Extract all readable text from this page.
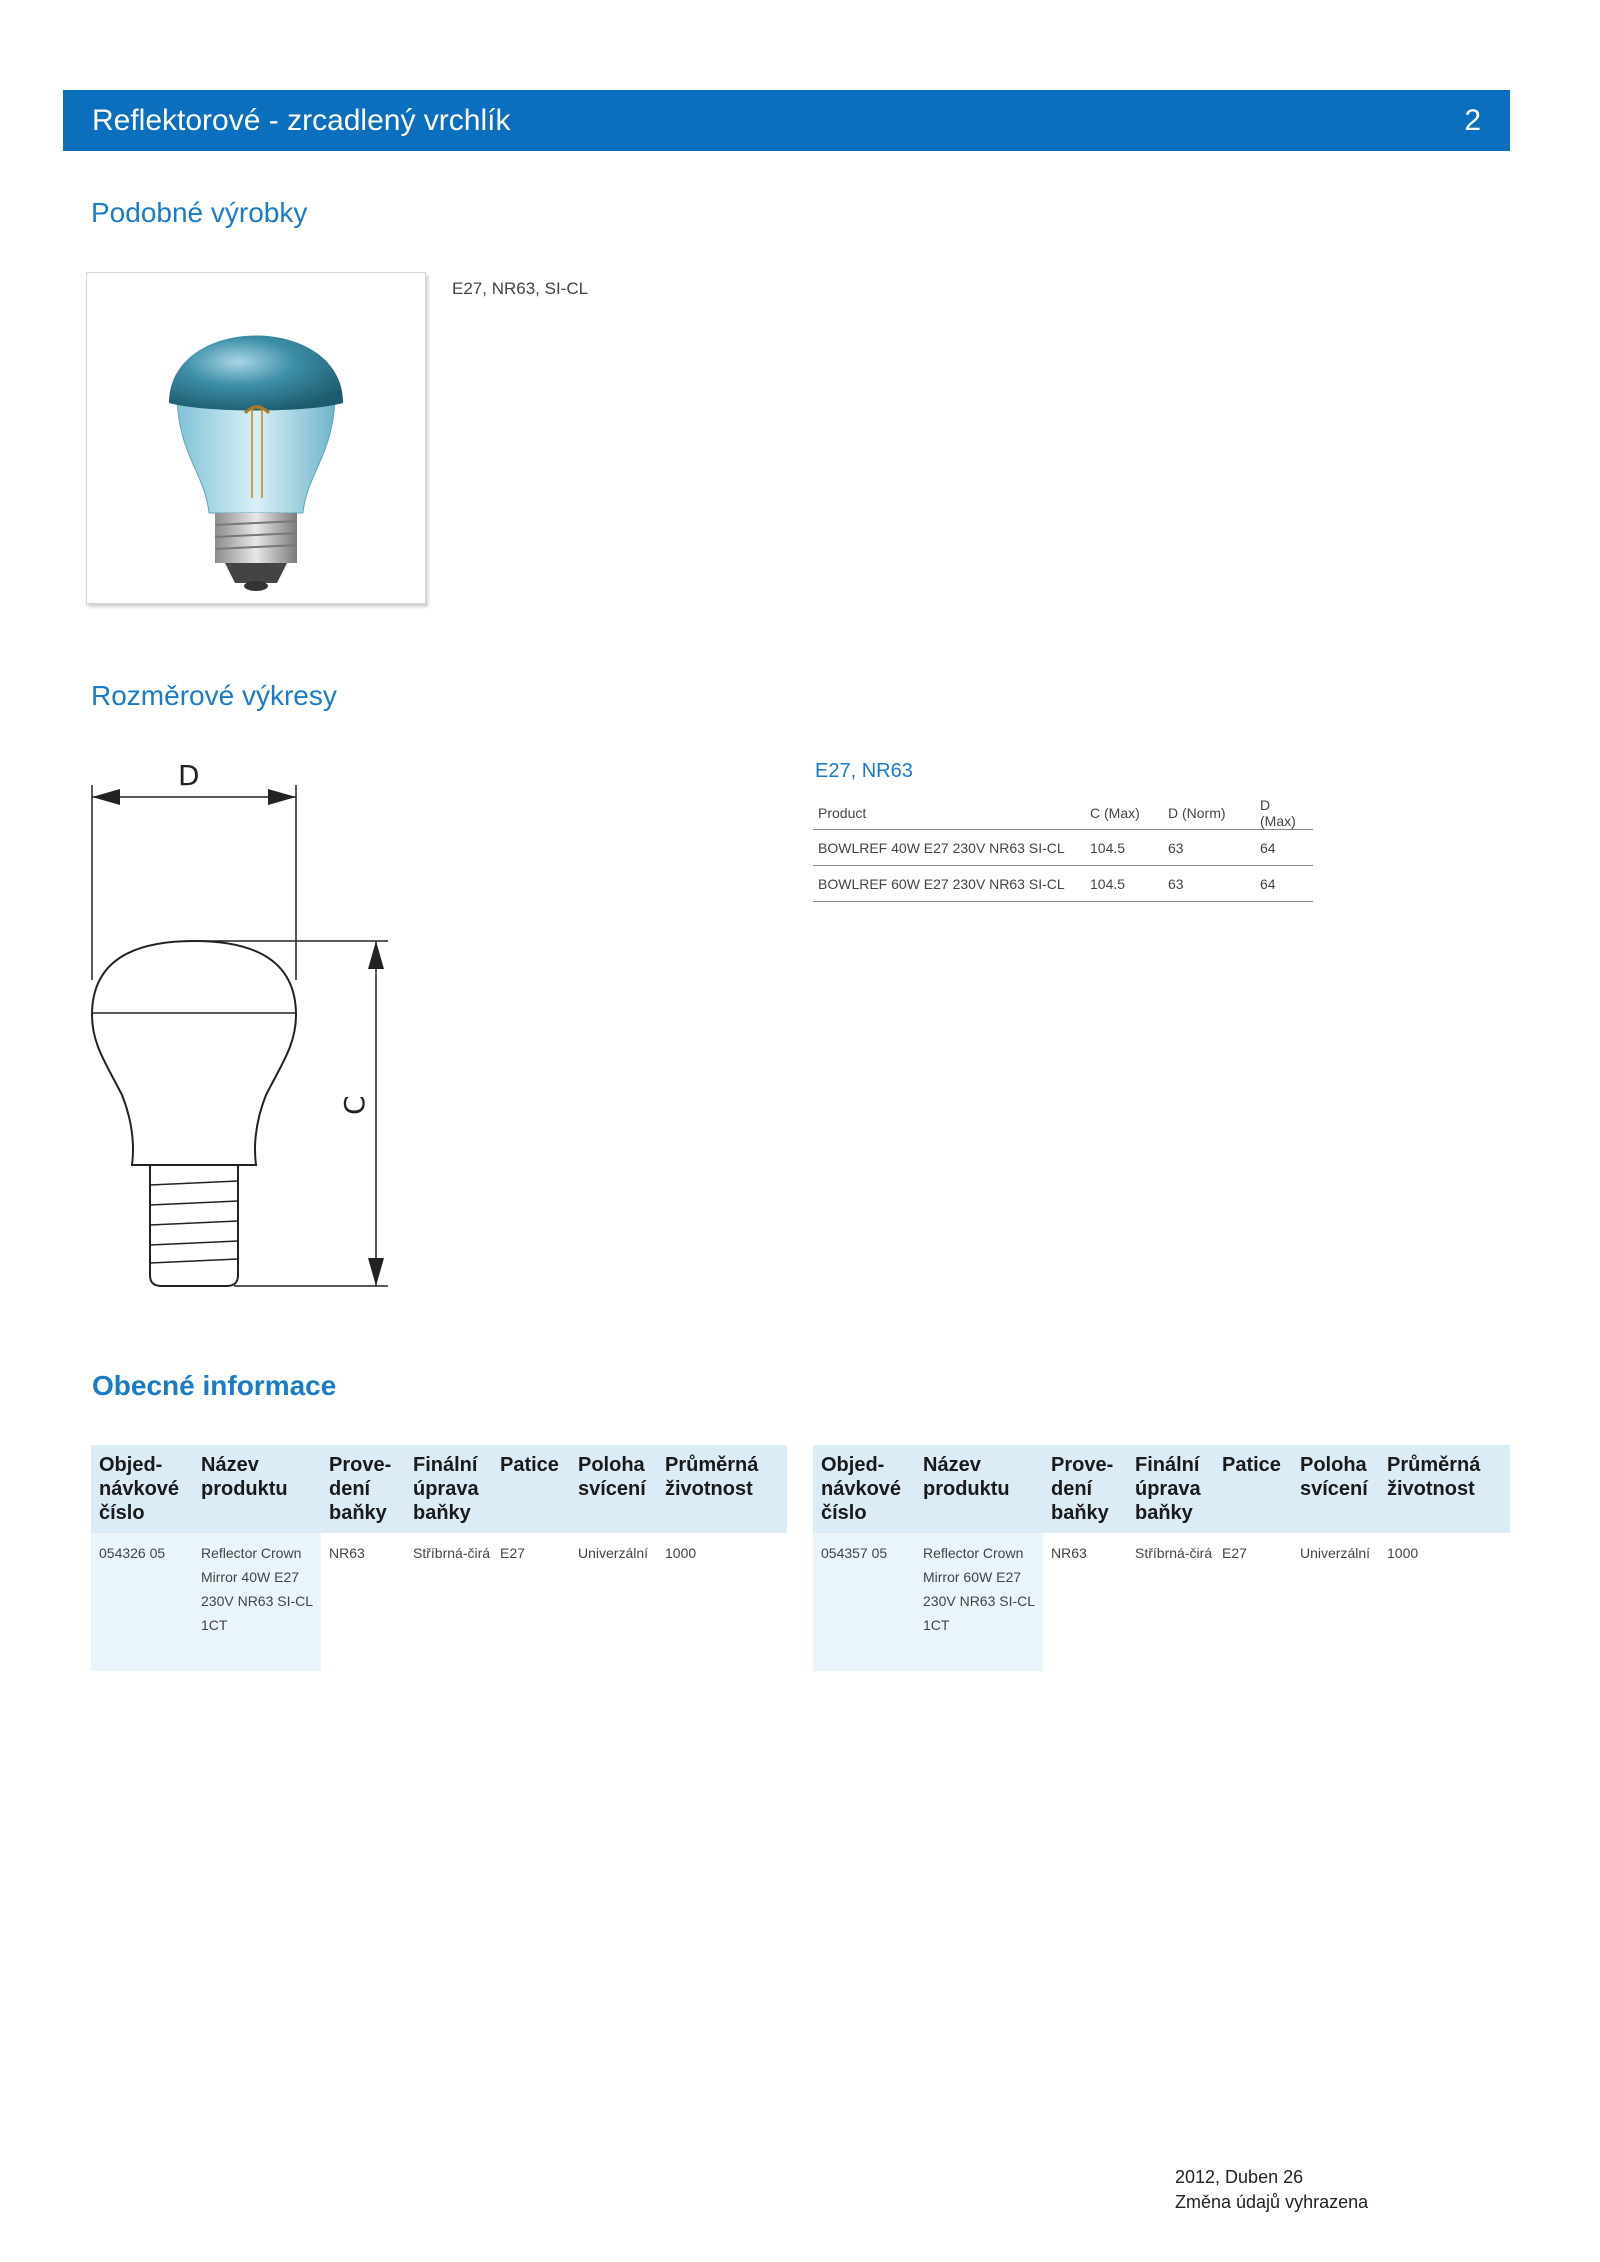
Reflektorové - zrcadlený vrchlík	2
Podobné výrobky
E27, NR63, SI-CL
Rozměrové výkresy
D
C
E27, NR63
Product	C (Max)	D (Norm)	D (Max)
BOWLREF 40W E27 230V NR63 SI-CL	104.5	63	64
BOWLREF 60W E27 230V NR63 SI-CL	104.5	63	64
Obecné informace
Objed-návkové číslo	Název produktu	Prove-dení baňky	Finální úprava baňky	Patice	Poloha svícení	Průměrná životnost
054326 05	Reflector Crown Mirror 40W E27 230V NR63 SI-CL 1CT	NR63	Stříbrná-čirá	E27	Univerzální	1000
Objed-návkové číslo	Název produktu	Prove-dení baňky	Finální úprava baňky	Patice	Poloha svícení	Průměrná životnost
054357 05	Reflector Crown Mirror 60W E27 230V NR63 SI-CL 1CT	NR63	Stříbrná-čirá	E27	Univerzální	1000
2012, Duben 26
Změna údajů vyhrazena
